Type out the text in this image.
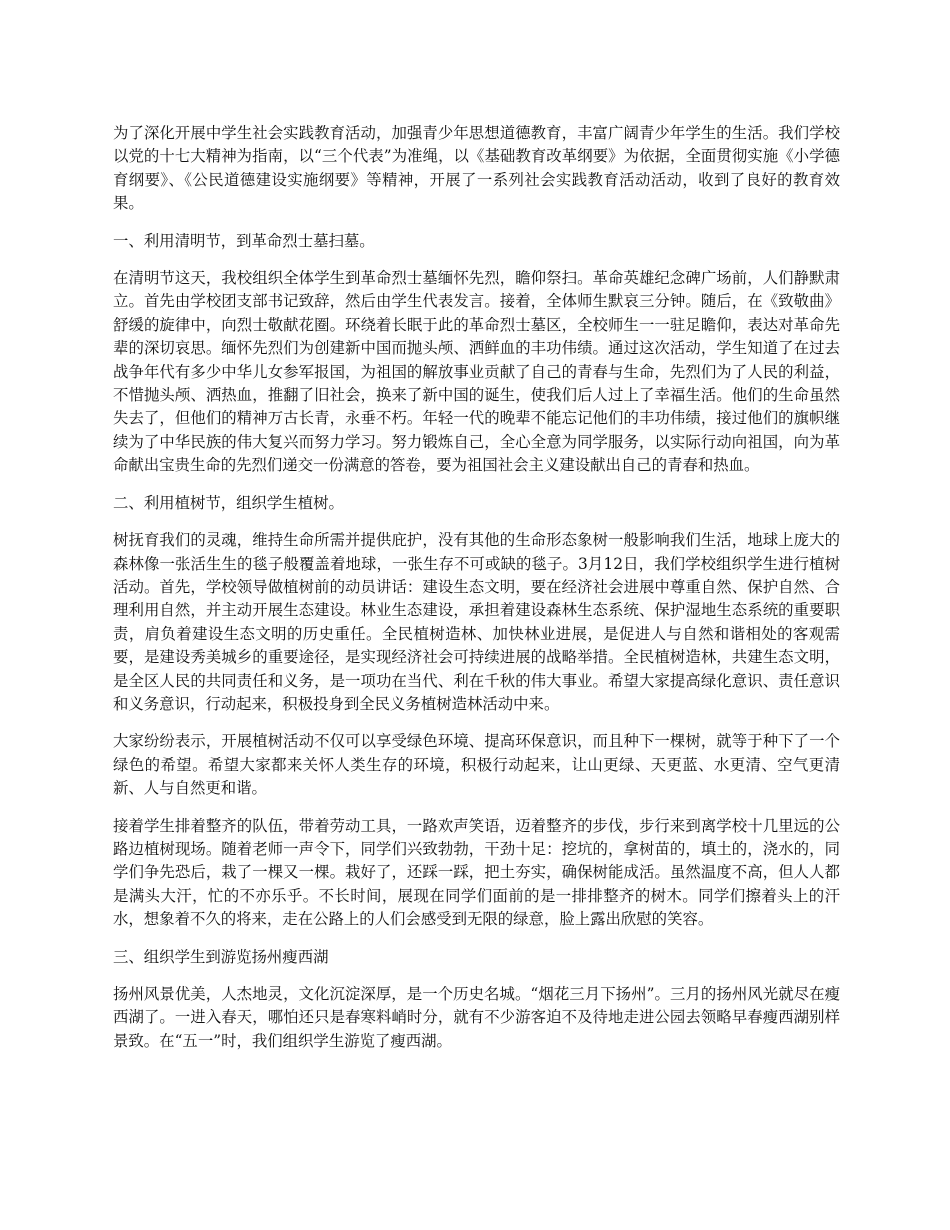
为了深化开展中学生社会实践教育活动，加强青少年思想道德教育，丰富广阔青少年学生的生活。我们学校以党的十七大精神为指南，以“三个代表”为准绳，以《基础教育改革纲要》为依据，全面贯彻实施《小学德育纲要》、《公民道德建设实施纲要》等精神，开展了一系列社会实践教育活动活动，收到了良好的教育效果。

一、利用清明节，到革命烈士墓扫墓。

在清明节这天，我校组织全体学生到革命烈士墓缅怀先烈，瞻仰祭扫。革命英雄纪念碑广场前，人们静默肃立。首先由学校团支部书记致辞，然后由学生代表发言。接着，全体师生默哀三分钟。随后，在《致敬曲》舒缓的旋律中，向烈士敬献花圈。环绕着长眠于此的革命烈士墓区，全校师生一一驻足瞻仰，表达对革命先辈的深切哀思。缅怀先烈们为创建新中国而抛头颅、洒鲜血的丰功伟绩。通过这次活动，学生知道了在过去战争年代有多少中华儿女参军报国，为祖国的解放事业贡献了自己的青春与生命，先烈们为了人民的利益，不惜抛头颅、洒热血，推翻了旧社会，换来了新中国的诞生，使我们后人过上了幸福生活。他们的生命虽然失去了，但他们的精神万古长青，永垂不朽。年轻一代的晚辈不能忘记他们的丰功伟绩，接过他们的旗帜继续为了中华民族的伟大复兴而努力学习。努力锻炼自己，全心全意为同学服务，以实际行动向祖国，向为革命献出宝贵生命的先烈们递交一份满意的答卷，要为祖国社会主义建设献出自己的青春和热血。

二、利用植树节，组织学生植树。

树抚育我们的灵魂，维持生命所需并提供庇护，没有其他的生命形态象树一般影响我们生活，地球上庞大的森林像一张活生生的毯子般覆盖着地球，一张生存不可或缺的毯子。3月12日，我们学校组织学生进行植树活动。首先，学校领导做植树前的动员讲话：建设生态文明，要在经济社会进展中尊重自然、保护自然、合理利用自然，并主动开展生态建设。林业生态建设，承担着建设森林生态系统、保护湿地生态系统的重要职责，肩负着建设生态文明的历史重任。全民植树造林、加快林业进展，是促进人与自然和谐相处的客观需要，是建设秀美城乡的重要途径，是实现经济社会可持续进展的战略举措。全民植树造林，共建生态文明，是全区人民的共同责任和义务，是一项功在当代、利在千秋的伟大事业。希望大家提高绿化意识、责任意识和义务意识，行动起来，积极投身到全民义务植树造林活动中来。

大家纷纷表示，开展植树活动不仅可以享受绿色环境、提高环保意识，而且种下一棵树，就等于种下了一个绿色的希望。希望大家都来关怀人类生存的环境，积极行动起来，让山更绿、天更蓝、水更清、空气更清新、人与自然更和谐。

接着学生排着整齐的队伍，带着劳动工具，一路欢声笑语，迈着整齐的步伐，步行来到离学校十几里远的公路边植树现场。随着老师一声令下，同学们兴致勃勃，干劲十足：挖坑的，拿树苗的，填土的，浇水的，同学们争先恐后，栽了一棵又一棵。栽好了，还踩一踩，把土夯实，确保树能成活。虽然温度不高，但人人都是满头大汗，忙的不亦乐乎。不长时间，展现在同学们面前的是一排排整齐的树木。同学们擦着头上的汗水，想象着不久的将来，走在公路上的人们会感受到无限的绿意，脸上露出欣慰的笑容。

三、组织学生到游览扬州瘦西湖

扬州风景优美，人杰地灵，文化沉淀深厚，是一个历史名城。“烟花三月下扬州”。三月的扬州风光就尽在瘦西湖了。一进入春天，哪怕还只是春寒料峭时分，就有不少游客迫不及待地走进公园去领略早春瘦西湖别样景致。在“五一”时，我们组织学生游览了瘦西湖。
